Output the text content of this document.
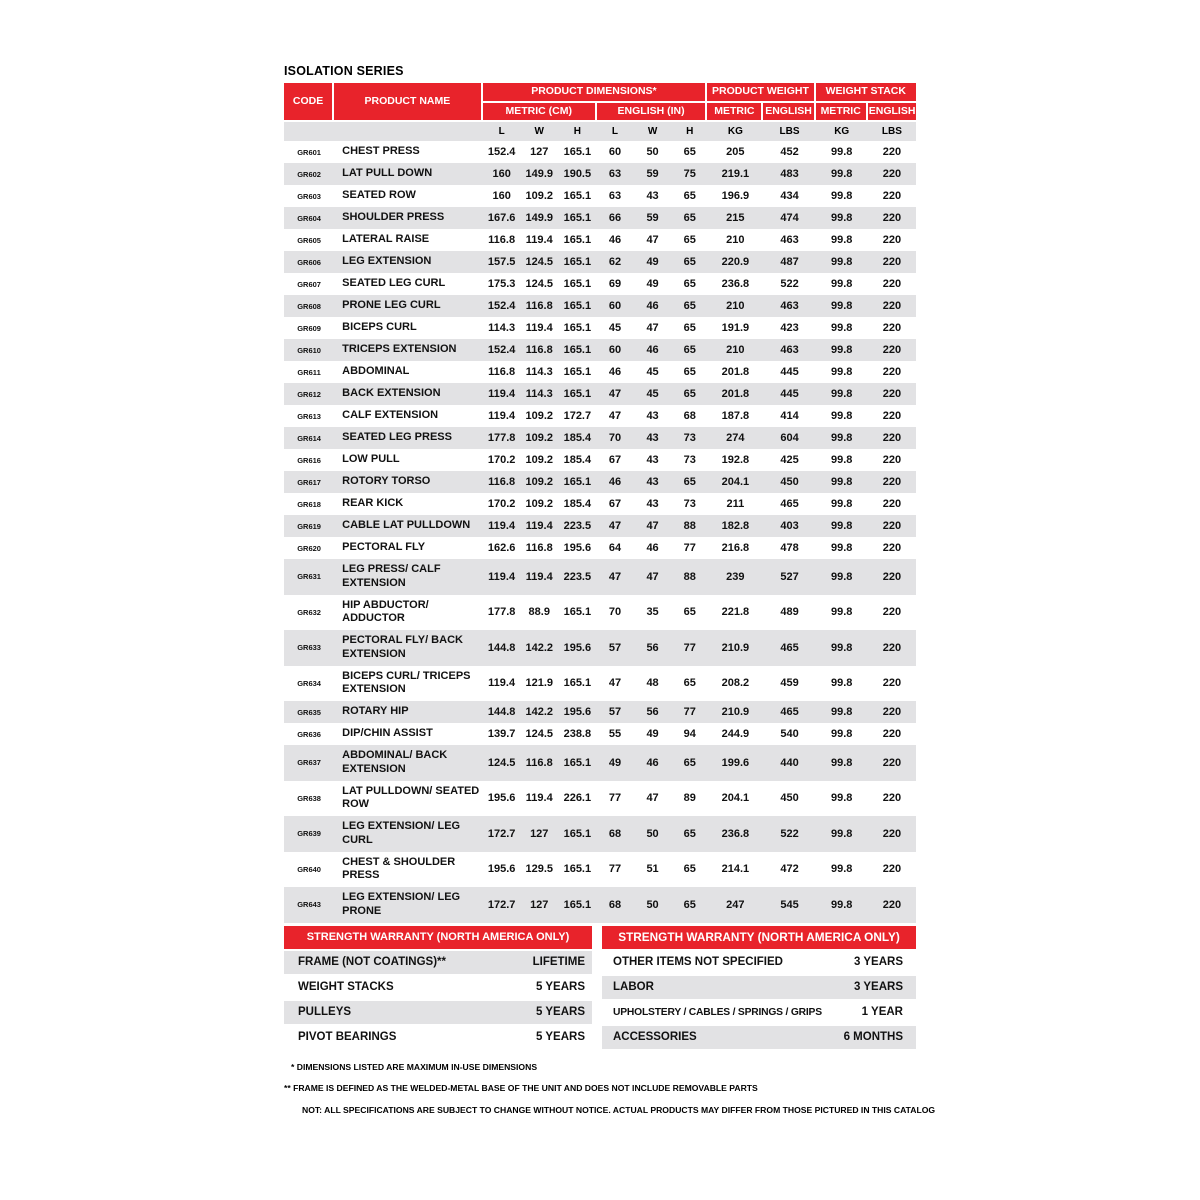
ISOLATION SERIES
CODE	PRODUCT NAME	PRODUCT DIMENSIONS*						PRODUCT WEIGHT		WEIGHT STACK	
		METRIC (CM)			ENGLISH (IN)			METRIC	ENGLISH	METRIC	ENGLISH
		L	W	H	L	W	H	KG	LBS	KG	LBS
GR601	CHEST PRESS	152.4	127	165.1	60	50	65	205	452	99.8	220
GR602	LAT PULL DOWN	160	149.9	190.5	63	59	75	219.1	483	99.8	220
GR603	SEATED ROW	160	109.2	165.1	63	43	65	196.9	434	99.8	220
GR604	SHOULDER PRESS	167.6	149.9	165.1	66	59	65	215	474	99.8	220
GR605	LATERAL RAISE	116.8	119.4	165.1	46	47	65	210	463	99.8	220
GR606	LEG EXTENSION	157.5	124.5	165.1	62	49	65	220.9	487	99.8	220
GR607	SEATED LEG CURL	175.3	124.5	165.1	69	49	65	236.8	522	99.8	220
GR608	PRONE LEG CURL	152.4	116.8	165.1	60	46	65	210	463	99.8	220
GR609	BICEPS CURL	114.3	119.4	165.1	45	47	65	191.9	423	99.8	220
GR610	TRICEPS EXTENSION	152.4	116.8	165.1	60	46	65	210	463	99.8	220
GR611	ABDOMINAL	116.8	114.3	165.1	46	45	65	201.8	445	99.8	220
GR612	BACK EXTENSION	119.4	114.3	165.1	47	45	65	201.8	445	99.8	220
GR613	CALF EXTENSION	119.4	109.2	172.7	47	43	68	187.8	414	99.8	220
GR614	SEATED LEG PRESS	177.8	109.2	185.4	70	43	73	274	604	99.8	220
GR616	LOW PULL	170.2	109.2	185.4	67	43	73	192.8	425	99.8	220
GR617	ROTORY TORSO	116.8	109.2	165.1	46	43	65	204.1	450	99.8	220
GR618	REAR KICK	170.2	109.2	185.4	67	43	73	211	465	99.8	220
GR619	CABLE LAT PULLDOWN	119.4	119.4	223.5	47	47	88	182.8	403	99.8	220
GR620	PECTORAL FLY	162.6	116.8	195.6	64	46	77	216.8	478	99.8	220
GR631	LEG PRESS/ CALF EXTENSION	119.4	119.4	223.5	47	47	88	239	527	99.8	220
GR632	HIP ABDUCTOR/ ADDUCTOR	177.8	88.9	165.1	70	35	65	221.8	489	99.8	220
GR633	PECTORAL FLY/ BACK EXTENSION	144.8	142.2	195.6	57	56	77	210.9	465	99.8	220
GR634	BICEPS CURL/ TRICEPS EXTENSION	119.4	121.9	165.1	47	48	65	208.2	459	99.8	220
GR635	ROTARY HIP	144.8	142.2	195.6	57	56	77	210.9	465	99.8	220
GR636	DIP/CHIN ASSIST	139.7	124.5	238.8	55	49	94	244.9	540	99.8	220
GR637	ABDOMINAL/ BACK EXTENSION	124.5	116.8	165.1	49	46	65	199.6	440	99.8	220
GR638	LAT PULLDOWN/ SEATED ROW	195.6	119.4	226.1	77	47	89	204.1	450	99.8	220
GR639	LEG EXTENSION/ LEG CURL	172.7	127	165.1	68	50	65	236.8	522	99.8	220
GR640	CHEST & SHOULDER PRESS	195.6	129.5	165.1	77	51	65	214.1	472	99.8	220
GR643	LEG EXTENSION/ LEG PRONE	172.7	127	165.1	68	50	65	247	545	99.8	220
STRENGTH WARRANTY (NORTH AMERICA ONLY)
FRAME (NOT COATINGS)**	LIFETIME
WEIGHT STACKS	5 YEARS
PULLEYS	5 YEARS
PIVOT BEARINGS	5 YEARS
STRENGTH WARRANTY (NORTH AMERICA ONLY)
OTHER ITEMS NOT SPECIFIED	3 YEARS
LABOR	3 YEARS
UPHOLSTERY / CABLES / SPRINGS / GRIPS	1 YEAR
ACCESSORIES	6 MONTHS
* DIMENSIONS LISTED ARE MAXIMUM IN-USE DIMENSIONS
** FRAME IS DEFINED AS THE WELDED-METAL BASE OF THE UNIT AND DOES NOT INCLUDE REMOVABLE PARTS
NOT: ALL SPECIFICATIONS ARE SUBJECT TO CHANGE WITHOUT NOTICE. ACTUAL PRODUCTS MAY DIFFER FROM THOSE PICTURED IN THIS CATALOG
